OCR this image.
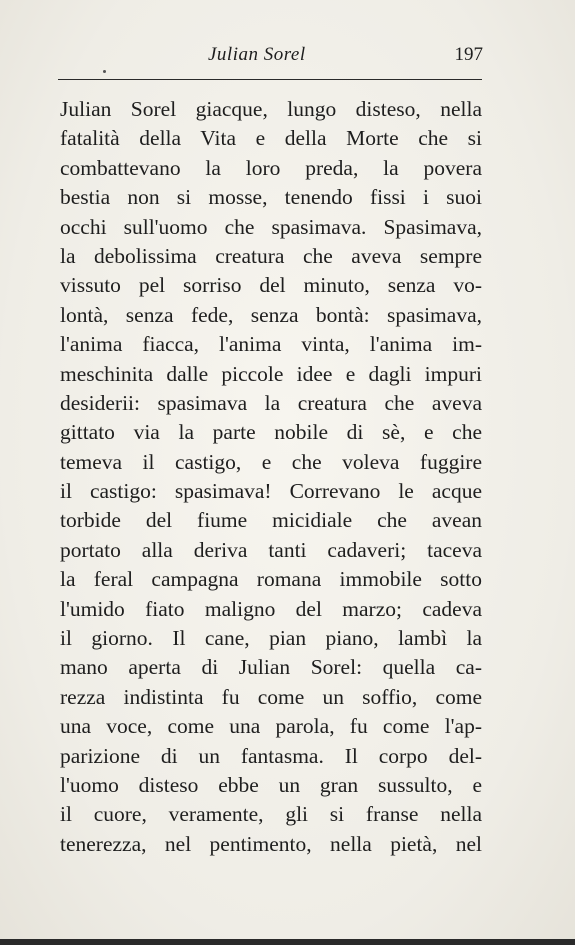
Julian Sorel	197
Julian Sorel giacque, lungo disteso, nella
fatalità della Vita e della Morte che si
combattevano la loro preda, la povera
bestia non si mosse, tenendo fissi i suoi
occhi sull'uomo che spasimava. Spasimava,
la debolissima creatura che aveva sempre
vissuto pel sorriso del minuto, senza vo-
lontà, senza fede, senza bontà: spasimava,
l'anima fiacca, l'anima vinta, l'anima im-
meschinita dalle piccole idee e dagli impuri
desiderii: spasimava la creatura che aveva
gittato via la parte nobile di sè, e che
temeva il castigo, e che voleva fuggire
il castigo: spasimava! Correvano le acque
torbide del fiume micidiale che avean
portato alla deriva tanti cadaveri; taceva
la feral campagna romana immobile sotto
l'umido fiato maligno del marzo; cadeva
il giorno. Il cane, pian piano, lambì la
mano aperta di Julian Sorel: quella ca-
rezza indistinta fu come un soffio, come
una voce, come una parola, fu come l'ap-
parizione di un fantasma. Il corpo del-
l'uomo disteso ebbe un gran sussulto, e
il cuore, veramente, gli si franse nella
tenerezza, nel pentimento, nella pietà, nel
